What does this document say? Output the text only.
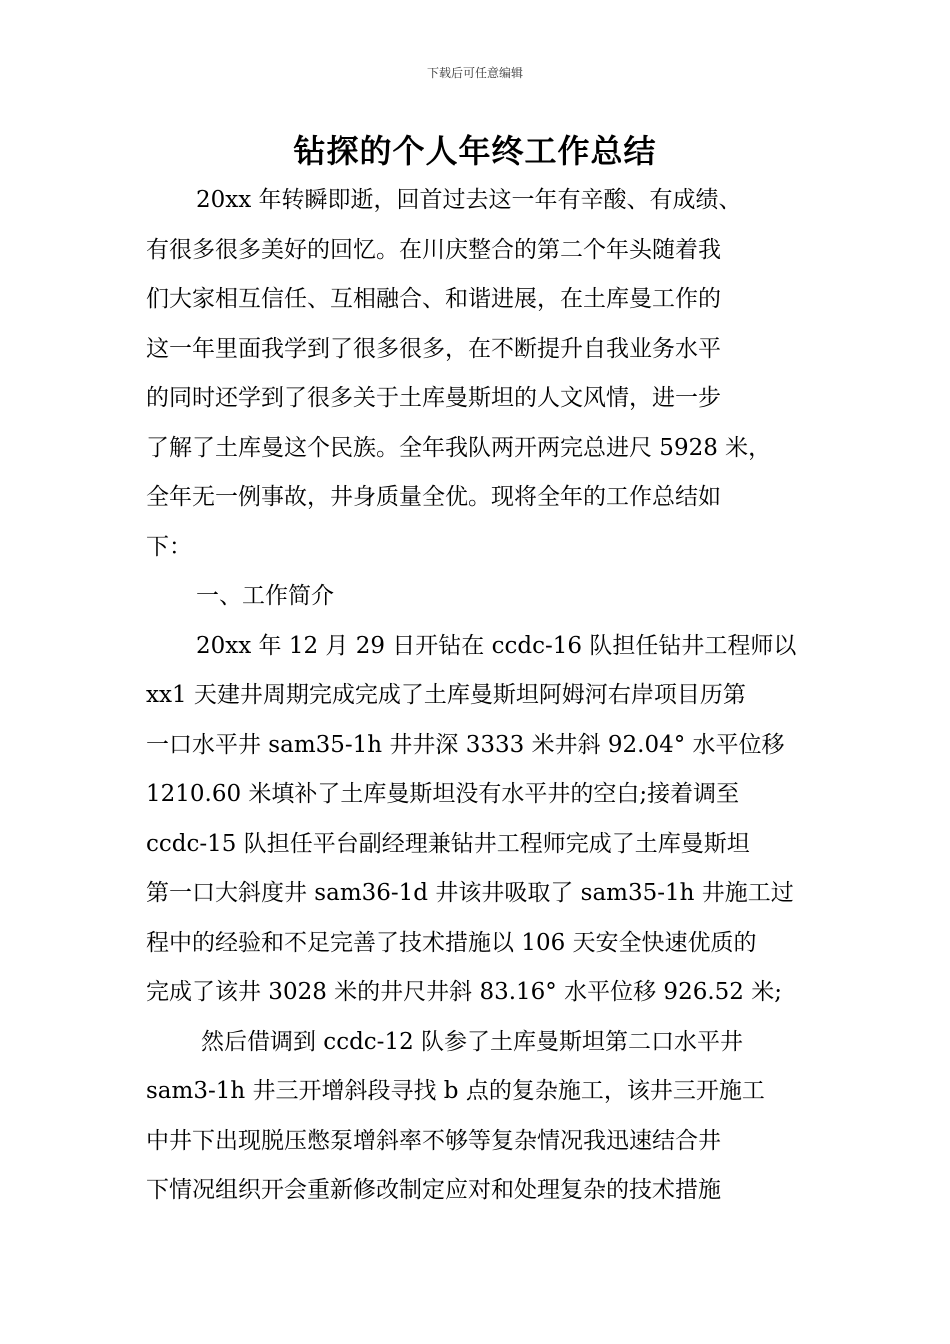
下载后可任意编辑
钻探的个人年终工作总结
20xx 年转瞬即逝，回首过去这一年有辛酸、有成绩、
有很多很多美好的回忆。在川庆整合的第二个年头随着我
们大家相互信任、互相融合、和谐进展，在土库曼工作的
这一年里面我学到了很多很多，在不断提升自我业务水平
的同时还学到了很多关于土库曼斯坦的人文风情，进一步
了解了土库曼这个民族。全年我队两开两完总进尺 5928 米，
全年无一例事故，井身质量全优。现将全年的工作总结如
下：
一、工作简介
20xx 年 12 月 29 日开钻在 ccdc-16 队担任钻井工程师以
xx1 天建井周期完成完成了土库曼斯坦阿姆河右岸项目历第
一口水平井 sam35-1h 井井深 3333 米井斜 92.04° 水平位移
1210.60 米填补了土库曼斯坦没有水平井的空白;接着调至
ccdc-15 队担任平台副经理兼钻井工程师完成了土库曼斯坦
第一口大斜度井 sam36-1d 井该井吸取了 sam35-1h 井施工过
程中的经验和不足完善了技术措施以 106 天安全快速优质的
完成了该井 3028 米的井尺井斜 83.16° 水平位移 926.52 米;
然后借调到 ccdc-12 队参了土库曼斯坦第二口水平井
sam3-1h 井三开增斜段寻找 b 点的复杂施工，该井三开施工
中井下出现脱压憋泵增斜率不够等复杂情况我迅速结合井
下情况组织开会重新修改制定应对和处理复杂的技术措施
